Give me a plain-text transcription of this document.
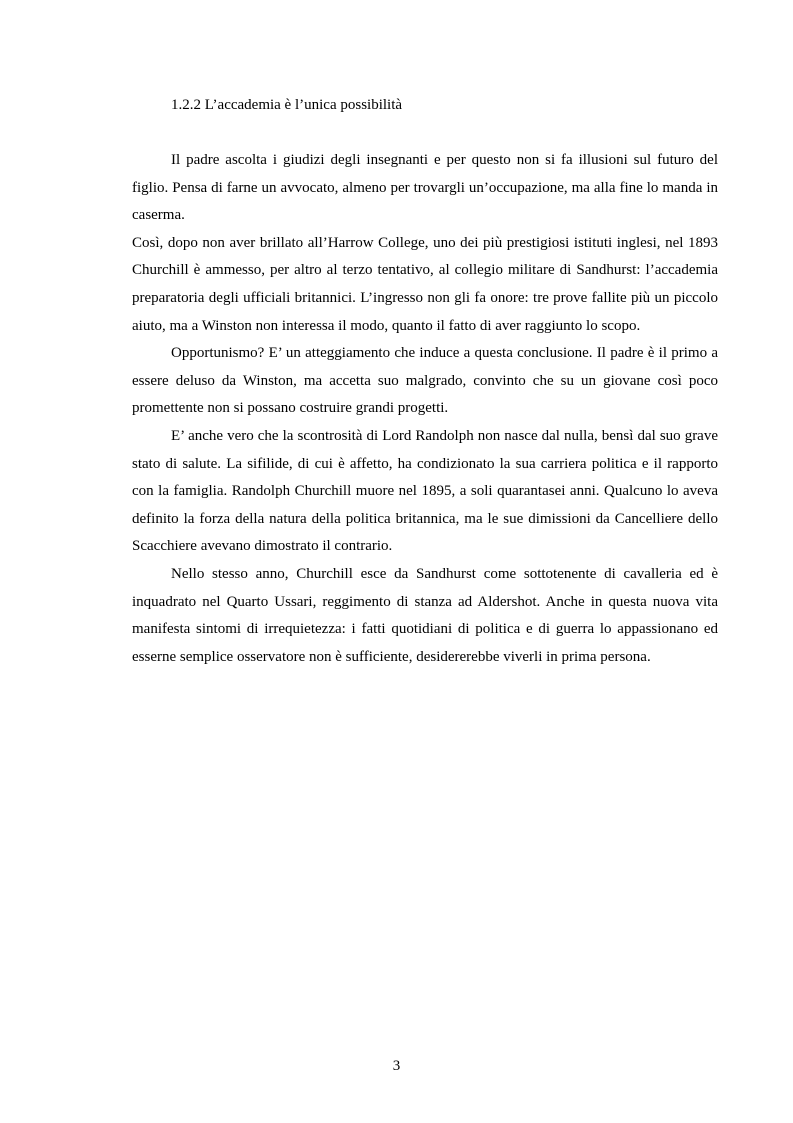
1.2.2 L’accademia è l’unica possibilità

Il padre ascolta i giudizi degli insegnanti e per questo non si fa illusioni sul futuro del figlio. Pensa di farne un avvocato, almeno per trovargli un’occupazione, ma alla fine lo manda in caserma.

Così, dopo non aver brillato all’Harrow College, uno dei più prestigiosi istituti inglesi, nel 1893 Churchill è ammesso, per altro al terzo tentativo, al collegio militare di Sandhurst: l’accademia preparatoria degli ufficiali britannici. L’ingresso non gli fa onore: tre prove fallite più un piccolo aiuto, ma a Winston non interessa il modo, quanto il fatto di aver raggiunto lo scopo.

Opportunismo? E’ un atteggiamento che induce a questa conclusione. Il padre è il primo a essere deluso da Winston, ma accetta suo malgrado, convinto che su un giovane così poco promettente non si possano costruire grandi progetti.

E’ anche vero che la scontrosità di Lord Randolph non nasce dal nulla, bensì dal suo grave stato di salute. La sifilide, di cui è affetto, ha condizionato la sua carriera politica e il rapporto con la famiglia. Randolph Churchill muore nel 1895, a soli quarantasei anni. Qualcuno lo aveva definito la forza della natura della politica britannica, ma le sue dimissioni da Cancelliere dello Scacchiere avevano dimostrato il contrario.

Nello stesso anno, Churchill esce da Sandhurst come sottotenente di cavalleria ed è inquadrato nel Quarto Ussari, reggimento di stanza ad Aldershot. Anche in questa nuova vita manifesta sintomi di irrequietezza: i fatti quotidiani di politica e di guerra lo appassionano ed esserne semplice osservatore non è sufficiente, desidererebbe viverli in prima persona.

3
